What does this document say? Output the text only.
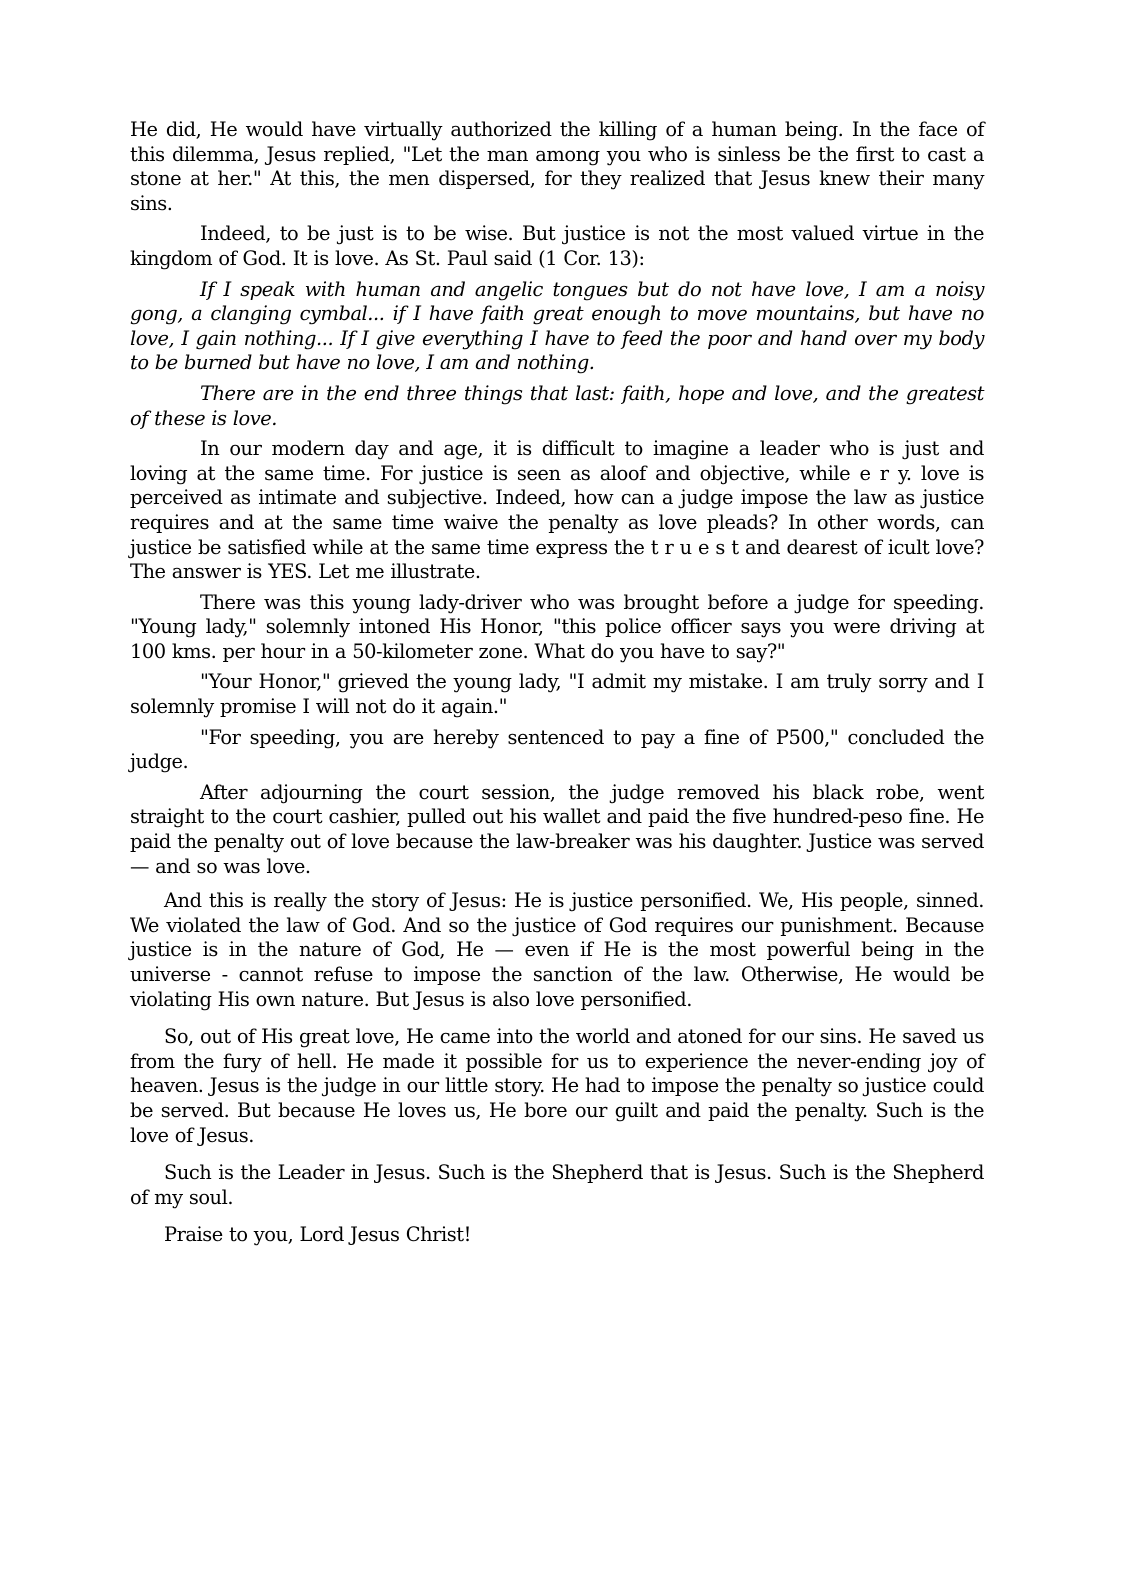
He did, He would have virtually authorized the killing of a human being. In the face of this dilemma, Jesus replied, "Let the man among you who is sinless be the first to cast a stone at her." At this, the men dispersed, for they realized that Jesus knew their many sins.

Indeed, to be just is to be wise. But justice is not the most valued virtue in the kingdom of God. It is love. As St. Paul said (1 Cor. 13):

If I speak with human and angelic tongues but do not have love, I am a noisy gong, a clanging cymbal... if I have faith great enough to move mountains, but have no love, I gain nothing... If I give everything I have to feed the poor and hand over my body to be burned but have no love, I am and nothing.

There are in the end three things that last: faith, hope and love, and the greatest of these is love.

In our modern day and age, it is difficult to imagine a leader who is just and loving at the same time. For justice is seen as aloof and objective, while e r y. love is perceived as intimate and subjective. Indeed, how can a judge impose the law as justice requires and at the same time waive the penalty as love pleads? In other words, can justice be satisfied while at the same time express the t r u e s t and dearest of icult love? The answer is YES. Let me illustrate.

There was this young lady-driver who was brought before a judge for speeding. "Young lady," solemnly intoned His Honor, "this police officer says you were driving at 100 kms. per hour in a 50-kilometer zone. What do you have to say?"

"Your Honor," grieved the young lady, "I admit my mistake. I am truly sorry and I solemnly promise I will not do it again."

"For speeding, you are hereby sentenced to pay a fine of P500," concluded the judge.

After adjourning the court session, the judge removed his black robe, went straight to the court cashier, pulled out his wallet and paid the five hundred-peso fine. He paid the penalty out of love because the law-breaker was his daughter. Justice was served — and so was love.

And this is really the story of Jesus: He is justice personified. We, His people, sinned. We violated the law of God. And so the justice of God requires our punishment. Because justice is in the nature of God, He — even if He is the most powerful being in the universe - cannot refuse to impose the sanction of the law. Otherwise, He would be violating His own nature. But Jesus is also love personified.

So, out of His great love, He came into the world and atoned for our sins. He saved us from the fury of hell. He made it possible for us to experience the never-ending joy of heaven. Jesus is the judge in our little story. He had to impose the penalty so justice could be served. But because He loves us, He bore our guilt and paid the penalty. Such is the love of Jesus.

Such is the Leader in Jesus. Such is the Shepherd that is Jesus. Such is the Shepherd of my soul.

Praise to you, Lord Jesus Christ!
